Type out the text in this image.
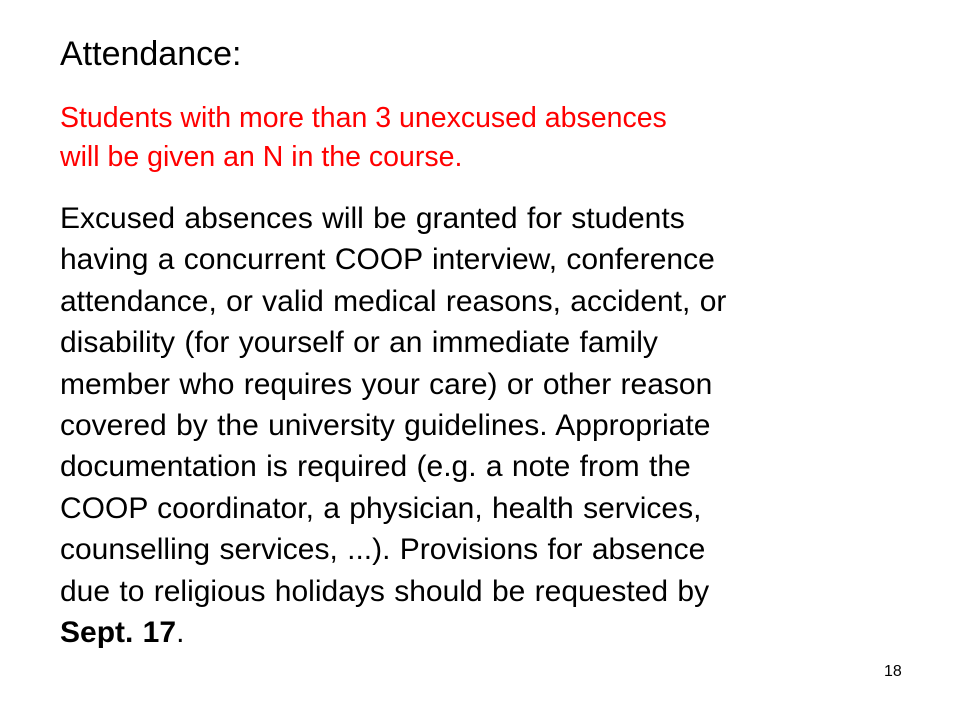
Attendance:
Students with more than 3 unexcused absences
will be given an N in the course.
Excused absences will be granted for students
having a concurrent COOP interview, conference
attendance, or valid medical reasons, accident, or
disability (for yourself or an immediate family
member who requires your care) or other reason
covered by the university guidelines. Appropriate
documentation is required (e.g. a note from the
COOP coordinator, a physician, health services,
counselling services, ...). Provisions for absence
due to religious holidays should be requested by
Sept. 17.
18
